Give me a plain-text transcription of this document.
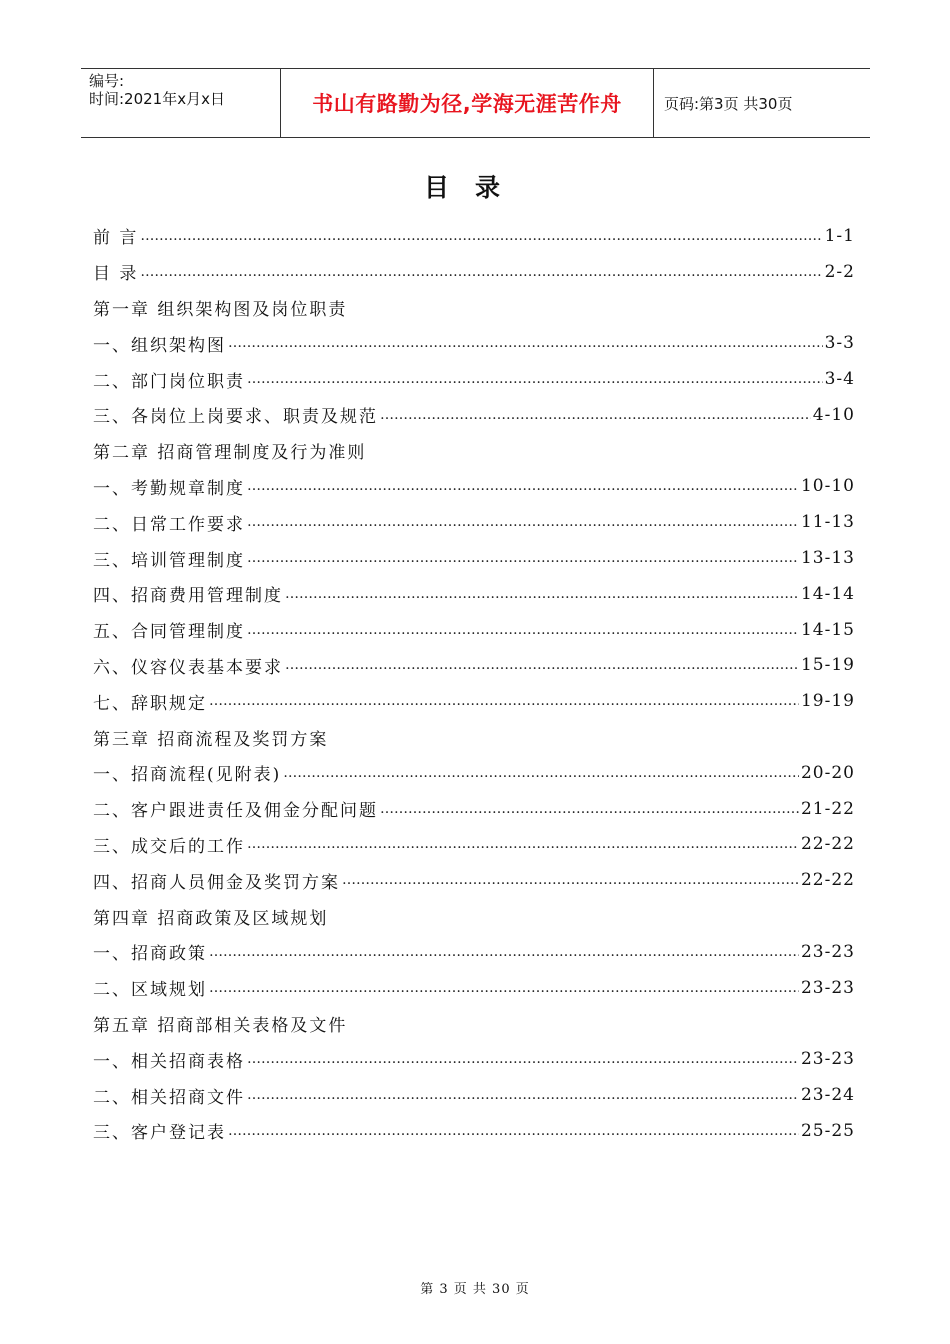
编号:
时间:2021年x月x日	书山有路勤为径,学海无涯苦作舟	页码:第3页 共30页
目录
前 言 …………………………………………………………………………………………………………………………………………………………………	1-1
目 录 …………………………………………………………………………………………………………………………………………………………………	2-2
第一章 组织架构图及岗位职责
一、组织架构图 …………………………………………………………………………………………………………………………………………………………………	3-3
二、部门岗位职责 …………………………………………………………………………………………………………………………………………………………………	3-4
三、各岗位上岗要求、职责及规范 …………………………………………………………………………………………………………………………………………………………………	4-10
第二章 招商管理制度及行为准则
一、考勤规章制度 …………………………………………………………………………………………………………………………………………………………………	10-10
二、日常工作要求 …………………………………………………………………………………………………………………………………………………………………	11-13
三、培训管理制度 …………………………………………………………………………………………………………………………………………………………………	13-13
四、招商费用管理制度 …………………………………………………………………………………………………………………………………………………………………	14-14
五、合同管理制度 …………………………………………………………………………………………………………………………………………………………………	14-15
六、仪容仪表基本要求 …………………………………………………………………………………………………………………………………………………………………	15-19
七、辞职规定 …………………………………………………………………………………………………………………………………………………………………	19-19
第三章 招商流程及奖罚方案
一、招商流程(见附表) …………………………………………………………………………………………………………………………………………………………………	20-20
二、客户跟进责任及佣金分配问题 …………………………………………………………………………………………………………………………………………………………………	21-22
三、成交后的工作 …………………………………………………………………………………………………………………………………………………………………	22-22
四、招商人员佣金及奖罚方案 …………………………………………………………………………………………………………………………………………………………………	22-22
第四章 招商政策及区域规划
一、招商政策 …………………………………………………………………………………………………………………………………………………………………	23-23
二、区域规划 …………………………………………………………………………………………………………………………………………………………………	23-23
第五章 招商部相关表格及文件
一、相关招商表格 …………………………………………………………………………………………………………………………………………………………………	23-23
二、相关招商文件 …………………………………………………………………………………………………………………………………………………………………	23-24
三、客户登记表 …………………………………………………………………………………………………………………………………………………………………	25-25
第 3 页 共 30 页
